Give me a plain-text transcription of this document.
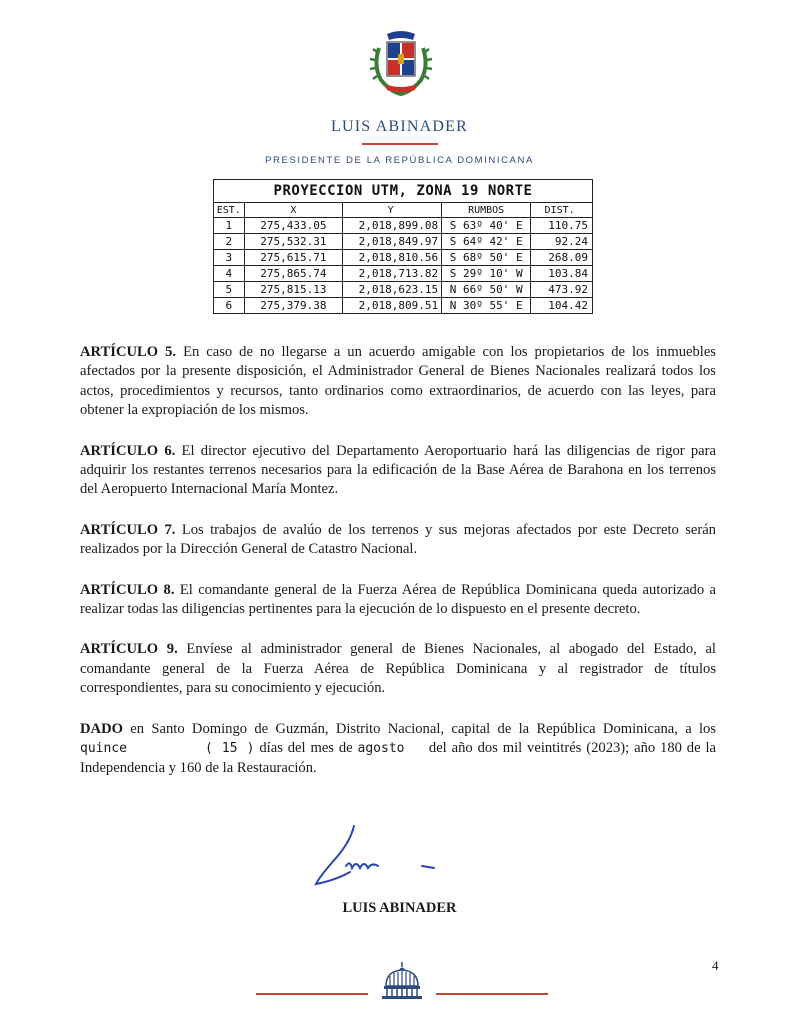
LUIS ABINADER
PRESIDENTE DE LA REPÚBLICA DOMINICANA
PROYECCION UTM, ZONA 19 NORTE				
EST.	X	Y	RUMBOS	DIST.
1	275,433.05	2,018,899.08	S 63º 40' E	110.75
2	275,532.31	2,018,849.97	S 64º 42' E	92.24
3	275,615.71	2,018,810.56	S 68º 50' E	268.09
4	275,865.74	2,018,713.82	S 29º 10' W	103.84
5	275,815.13	2,018,623.15	N 66º 50' W	473.92
6	275,379.38	2,018,809.51	N 30º 55' E	104.42

ARTÍCULO 5. En caso de no llegarse a un acuerdo amigable con los propietarios de los inmuebles afectados por la presente disposición, el Administrador General de Bienes Nacionales realizará todos los actos, procedimientos y recursos, tanto ordinarios como extraordinarios, de acuerdo con las leyes, para obtener la expropiación de los mismos.

ARTÍCULO 6. El director ejecutivo del Departamento Aeroportuario hará las diligencias de rigor para adquirir los restantes terrenos necesarios para la edificación de la Base Aérea de Barahona en los terrenos del Aeropuerto Internacional María Montez.

ARTÍCULO 7. Los trabajos de avalúo de los terrenos y sus mejoras afectados por este Decreto serán realizados por la Dirección General de Catastro Nacional.

ARTÍCULO 8. El comandante general de la Fuerza Aérea de República Dominicana queda autorizado a realizar todas las diligencias pertinentes para la ejecución de lo dispuesto en el presente decreto.

ARTÍCULO 9. Envíese al administrador general de Bienes Nacionales, al abogado del Estado, al comandante general de la Fuerza Aérea de República Dominicana y al registrador de títulos correspondientes, para su conocimiento y ejecución.

DADO en Santo Domingo de Guzmán, Distrito Nacional, capital de la República Dominicana, a los quince	( 15 ) días del mes de agosto del año dos mil veintitrés (2023); año 180 de la Independencia y 160 de la Restauración.

LUIS ABINADER
4
